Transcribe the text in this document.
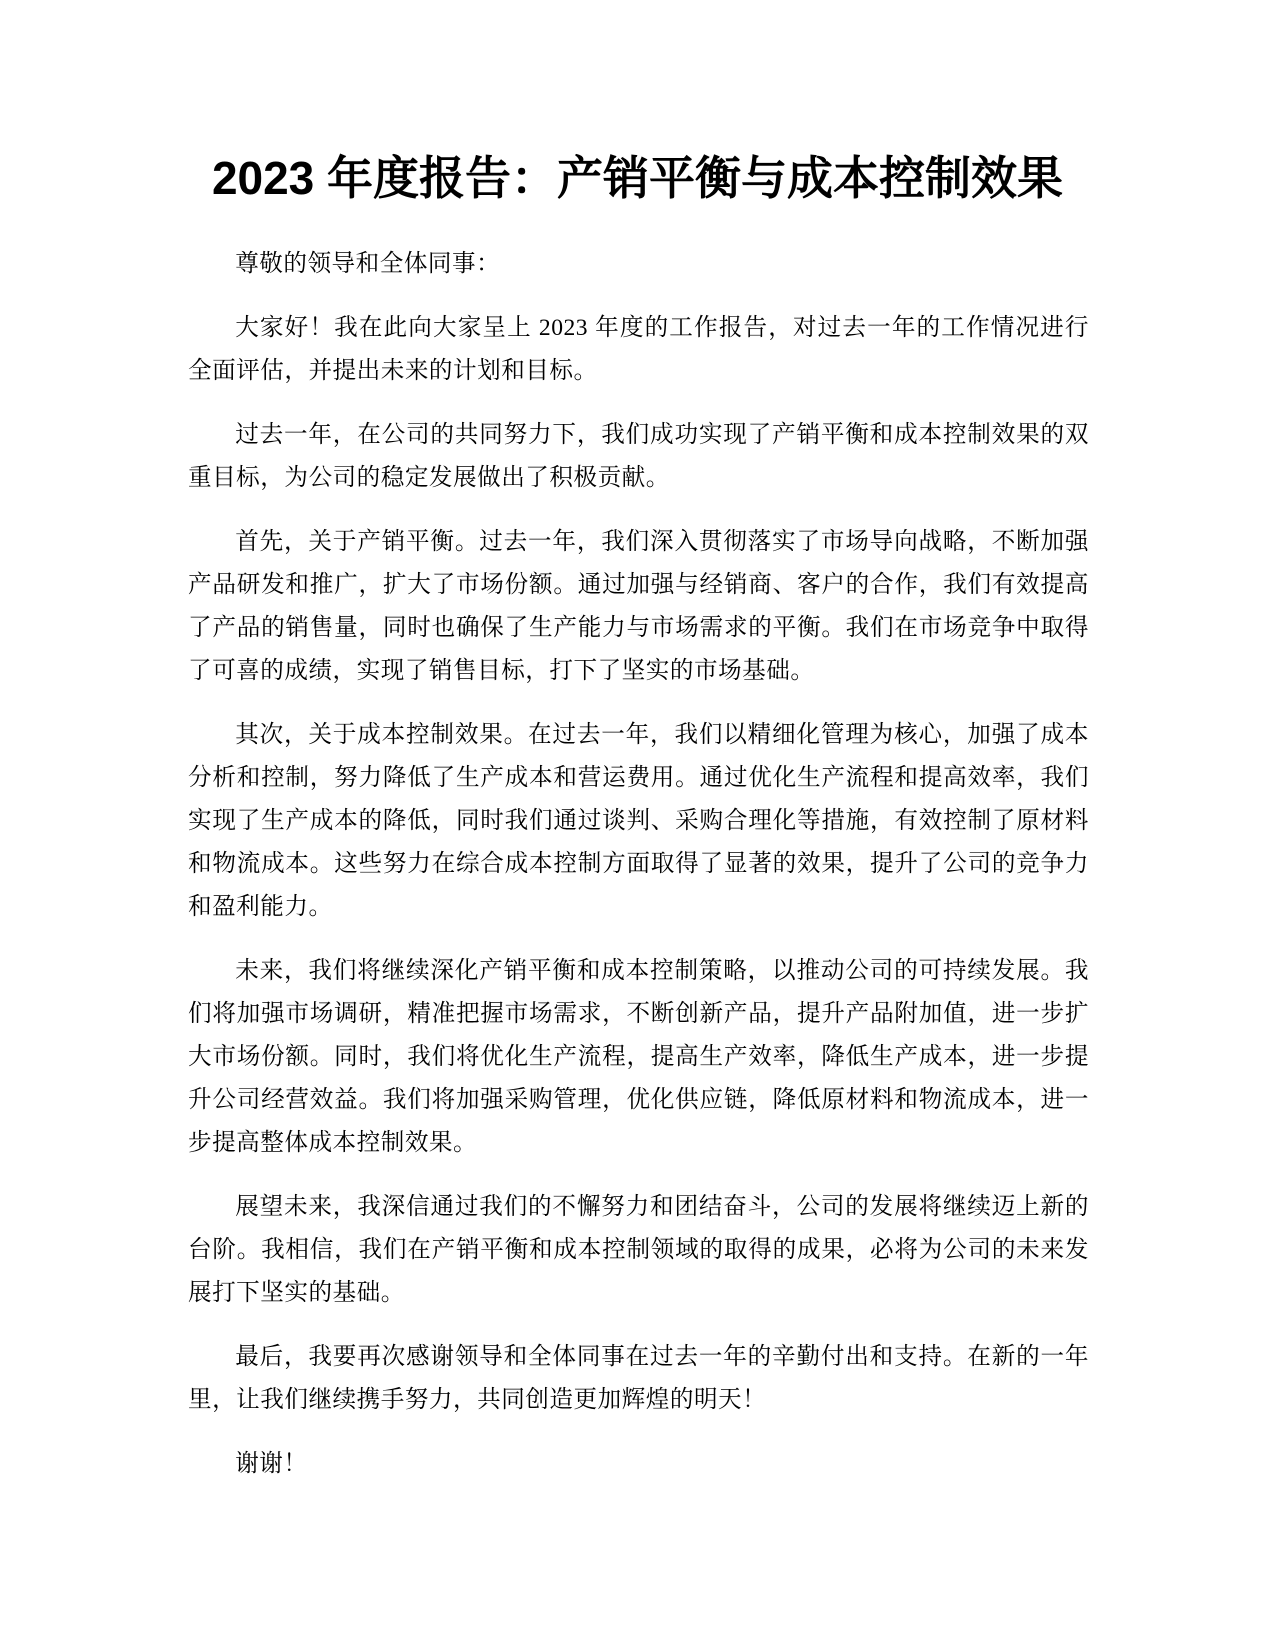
2023 年度报告：产销平衡与成本控制效果

尊敬的领导和全体同事：

大家好！我在此向大家呈上 2023 年度的工作报告，对过去一年的工作情况进行全面评估，并提出未来的计划和目标。

过去一年，在公司的共同努力下，我们成功实现了产销平衡和成本控制效果的双重目标，为公司的稳定发展做出了积极贡献。

首先，关于产销平衡。过去一年，我们深入贯彻落实了市场导向战略，不断加强产品研发和推广，扩大了市场份额。通过加强与经销商、客户的合作，我们有效提高了产品的销售量，同时也确保了生产能力与市场需求的平衡。我们在市场竞争中取得了可喜的成绩，实现了销售目标，打下了坚实的市场基础。

其次，关于成本控制效果。在过去一年，我们以精细化管理为核心，加强了成本分析和控制，努力降低了生产成本和营运费用。通过优化生产流程和提高效率，我们实现了生产成本的降低，同时我们通过谈判、采购合理化等措施，有效控制了原材料和物流成本。这些努力在综合成本控制方面取得了显著的效果，提升了公司的竞争力和盈利能力。

未来，我们将继续深化产销平衡和成本控制策略，以推动公司的可持续发展。我们将加强市场调研，精准把握市场需求，不断创新产品，提升产品附加值，进一步扩大市场份额。同时，我们将优化生产流程，提高生产效率，降低生产成本，进一步提升公司经营效益。我们将加强采购管理，优化供应链，降低原材料和物流成本，进一步提高整体成本控制效果。

展望未来，我深信通过我们的不懈努力和团结奋斗，公司的发展将继续迈上新的台阶。我相信，我们在产销平衡和成本控制领域的取得的成果，必将为公司的未来发展打下坚实的基础。

最后，我要再次感谢领导和全体同事在过去一年的辛勤付出和支持。在新的一年里，让我们继续携手努力，共同创造更加辉煌的明天！

谢谢！
